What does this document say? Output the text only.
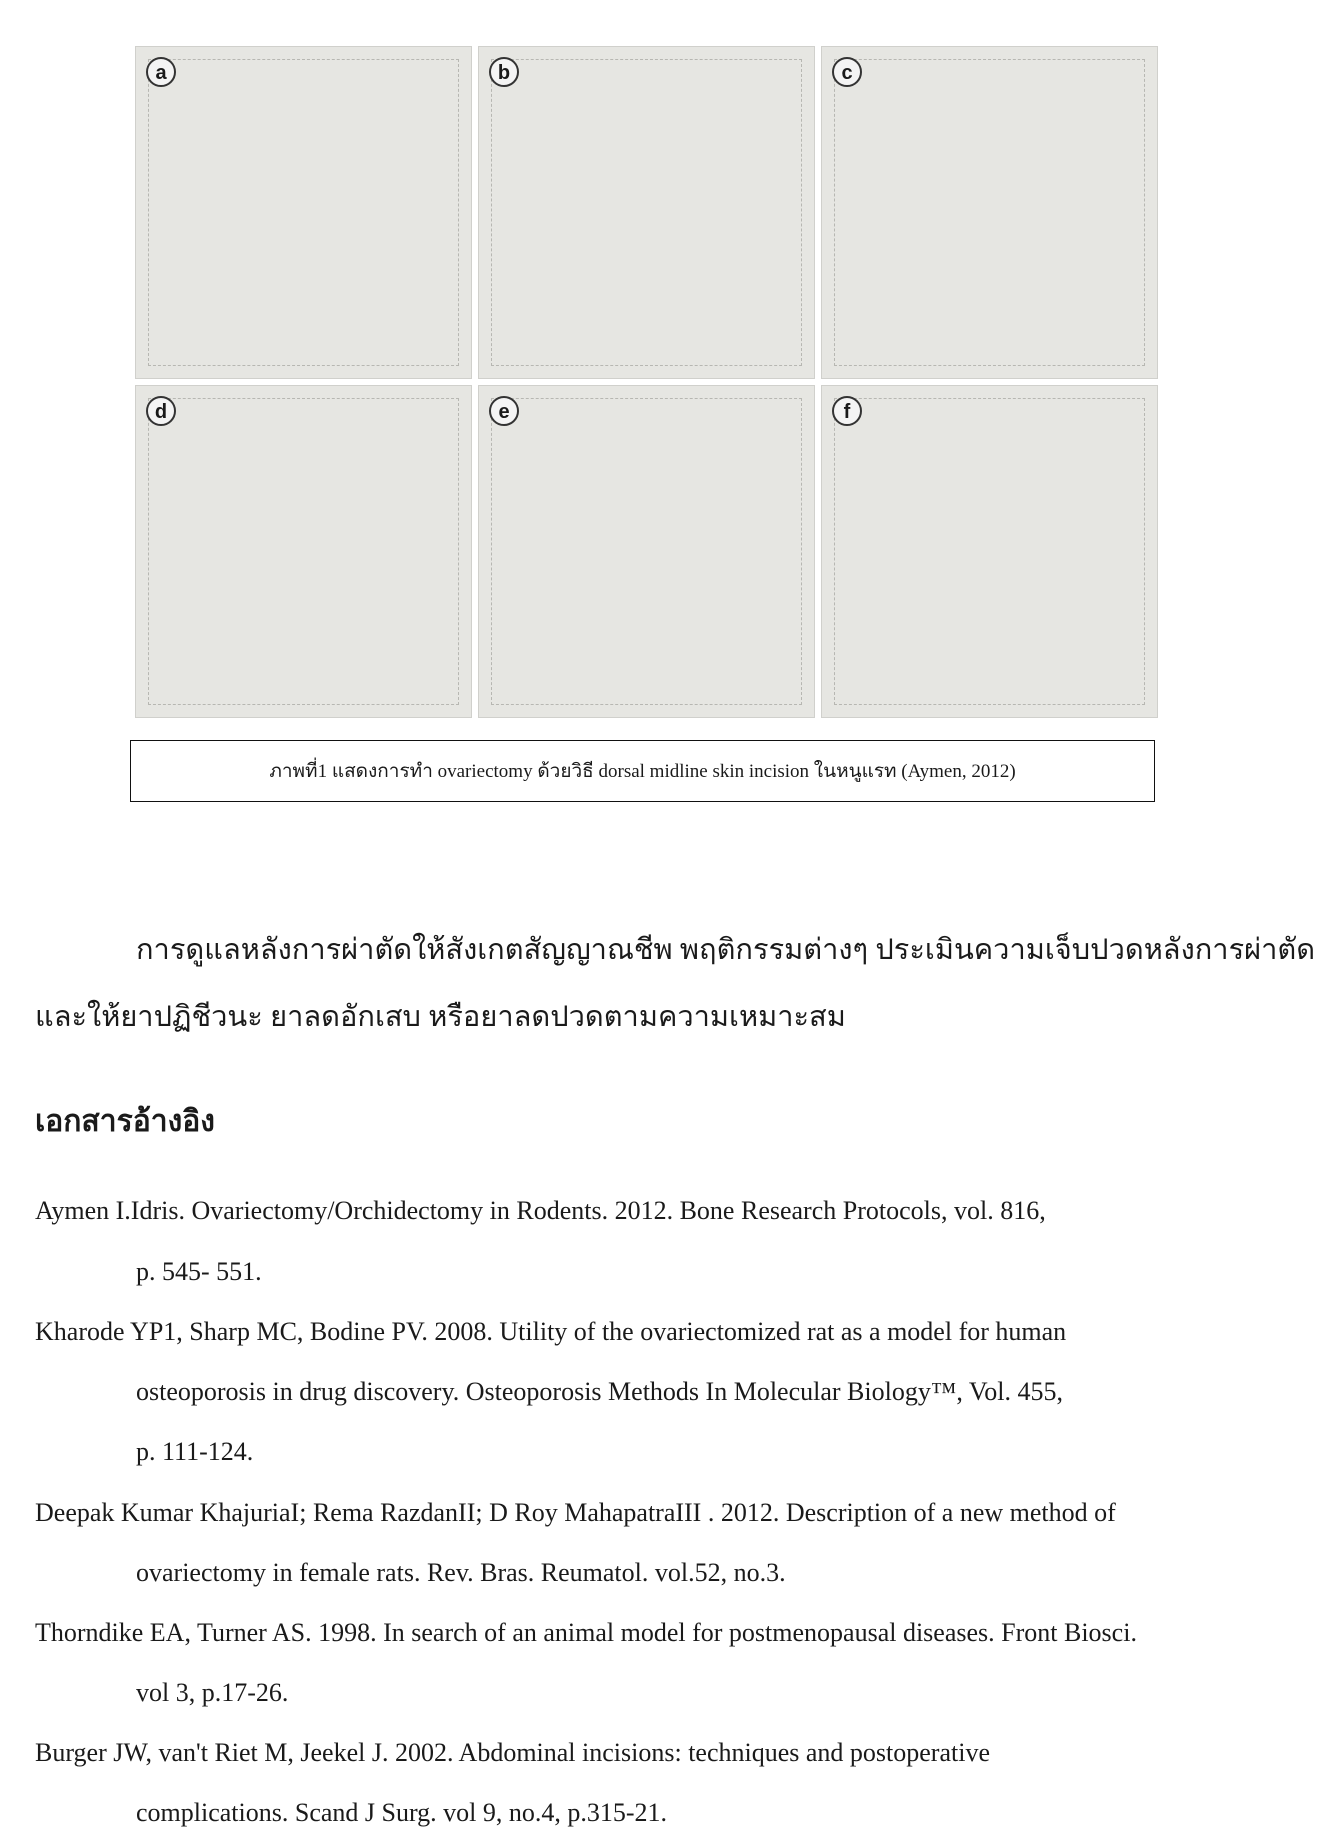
a	b	c
d	e	f
ภาพที่1 แสดงการทำ ovariectomy ด้วยวิธี dorsal midline skin incision ในหนูแรท (Aymen, 2012)

การดูแลหลังการผ่าตัดให้สังเกตสัญญาณชีพ พฤติกรรมต่างๆ ประเมินความเจ็บปวดหลังการผ่าตัด

และให้ยาปฏิชีวนะ ยาลดอักเสบ หรือยาลดปวดตามความเหมาะสม

เอกสารอ้างอิง

Aymen I.Idris. Ovariectomy/Orchidectomy in Rodents. 2012. Bone Research Protocols, vol. 816,

p. 545- 551.

Kharode YP1, Sharp MC, Bodine PV. 2008. Utility of the ovariectomized rat as a model for human

osteoporosis in drug discovery. Osteoporosis Methods In Molecular Biology™, Vol. 455,

p. 111-124.

Deepak Kumar KhajuriaI; Rema RazdanII; D Roy MahapatraIII . 2012. Description of a new method of

ovariectomy in female rats. Rev. Bras. Reumatol. vol.52, no.3.

Thorndike EA, Turner AS. 1998. In search of an animal model for postmenopausal diseases. Front Biosci.

vol 3, p.17-26.

Burger JW, van't Riet M, Jeekel J. 2002. Abdominal incisions: techniques and postoperative

complications. Scand J Surg. vol 9, no.4, p.315-21.
